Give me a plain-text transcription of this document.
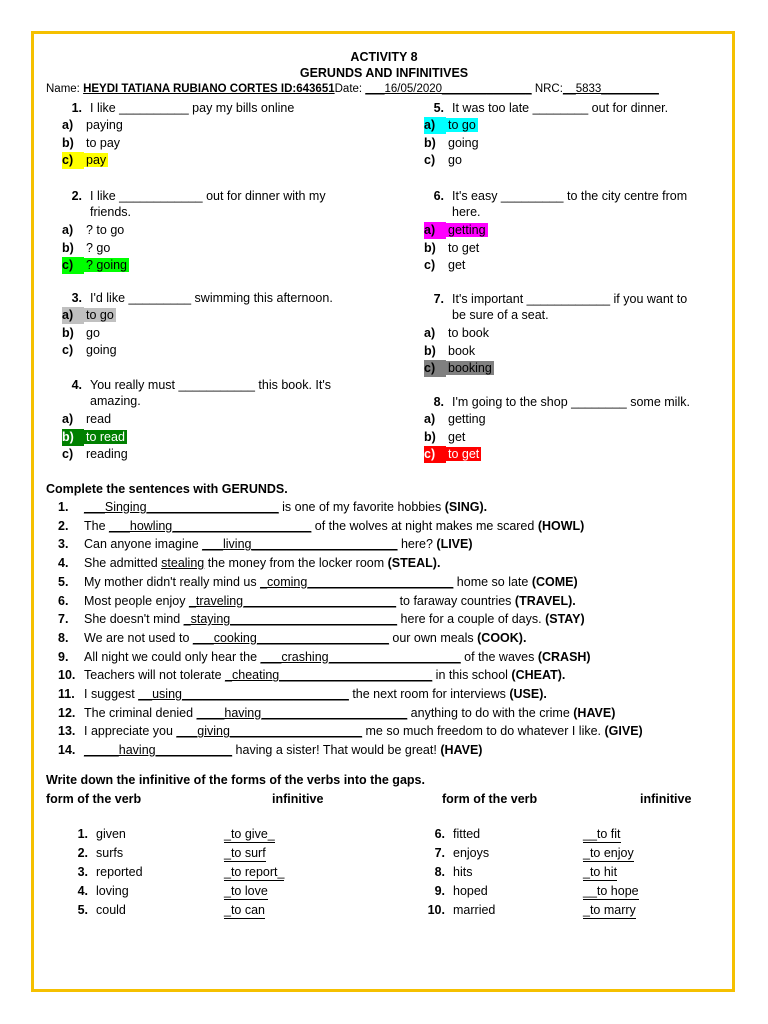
ACTIVITY 8
GERUNDS AND INFINITIVES
Name: HEYDI TATIANA RUBIANO CORTES ID:643651Date: ___16/05/2020______________ NRC:__5833_________
1. I like __________ pay my bills online
a) paying
b) to pay
c) pay
2. I like ____________ out for dinner with my
friends.
a) ? to go
b) ? go
c) ? going
3. I'd like _________ swimming this afternoon.
a) to go
b) go
c) going
4. You really must ___________ this book. It's
amazing.
a) read
b) to read
c) reading
5. It was too late ________ out for dinner.
a) to go
b) going
c) go
6. It's easy _________ to the city centre from
here.
a) getting
b) to get
c) get
7. It's important ____________ if you want to
be sure of a seat.
a) to book
b) book
c) booking
8. I'm going to the shop ________ some milk.
a) getting
b) get
c) to get
Complete the sentences with GERUNDS.
1. ___Singing___________________ is one of my favorite hobbies (SING).
2. The ___howling____________________ of the wolves at night makes me scared (HOWL)
3. Can anyone imagine ___living_____________________ here? (LIVE)
4. She admitted stealing the money from the locker room (STEAL).
5. My mother didn't really mind us _coming_____________________ home so late (COME)
6. Most people enjoy _traveling______________________ to faraway countries (TRAVEL).
7. She doesn't mind _staying________________________ here for a couple of days. (STAY)
8. We are not used to ___cooking___________________ our own meals (COOK).
9. All night we could only hear the ___crashing___________________ of the waves (CRASH)
10. Teachers will not tolerate _cheating______________________ in this school (CHEAT).
11. I suggest __using________________________ the next room for interviews (USE).
12. The criminal denied ____having_____________________ anything to do with the crime (HAVE)
13. I appreciate you ___giving___________________ me so much freedom to do whatever I like. (GIVE)
14. _____having___________ having a sister! That would be great! (HAVE)
Write down the infinitive of the forms of the verbs into the gaps.
form of the verb	infinitive	form of the verb	infinitive
1. given	_to give_
2. surfs	_to surf
3. reported	_to report_
4. loving	_to love
5. could	_to can
6. fitted	__to fit
7. enjoys	_to enjoy
8. hits	_to hit
9. hoped	__to hope
10. married	_to marry
